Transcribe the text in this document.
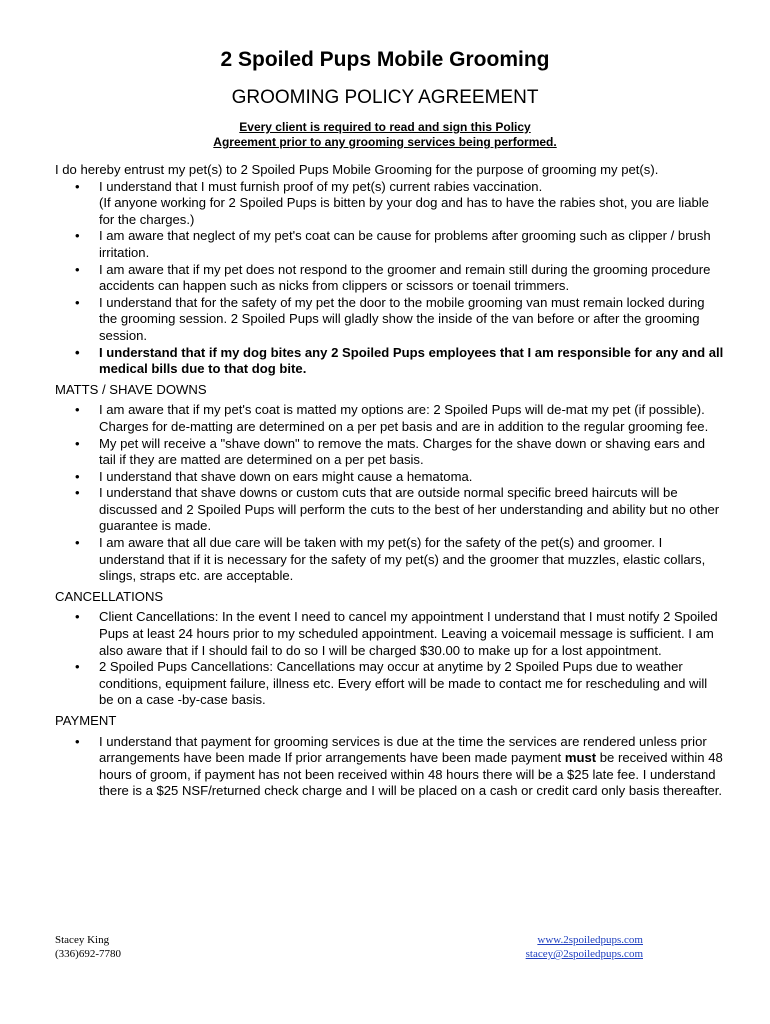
2 Spoiled Pups Mobile Grooming
GROOMING POLICY AGREEMENT
Every client is required to read and sign this Policy
Agreement prior to any grooming services being performed.

I do hereby entrust my pet(s) to 2 Spoiled Pups Mobile Grooming for the purpose of grooming my pet(s).

• I understand that I must furnish proof of my pet(s) current rabies vaccination.
(If anyone working for 2 Spoiled Pups is bitten by your dog and has to have the rabies shot, you are liable for the charges.)
• I am aware that neglect of my pet's coat can be cause for problems after grooming such as clipper / brush irritation.
• I am aware that if my pet does not respond to the groomer and remain still during the grooming procedure accidents can happen such as nicks from clippers or scissors or toenail trimmers.
• I understand that for the safety of my pet the door to the mobile grooming van must remain locked during the grooming session. 2 Spoiled Pups will gladly show the inside of the van before or after the grooming session.
• I understand that if my dog bites any 2 Spoiled Pups employees that I am responsible for any and all medical bills due to that dog bite.

MATTS / SHAVE DOWNS

• I am aware that if my pet's coat is matted my options are: 2 Spoiled Pups will de-mat my pet (if possible). Charges for de-matting are determined on a per pet basis and are in addition to the regular grooming fee.
• My pet will receive a "shave down" to remove the mats. Charges for the shave down or shaving ears and tail if they are matted are determined on a per pet basis.
• I understand that shave down on ears might cause a hematoma.
• I understand that shave downs or custom cuts that are outside normal specific breed haircuts will be discussed and 2 Spoiled Pups will perform the cuts to the best of her understanding and ability but no other guarantee is made.
• I am aware that all due care will be taken with my pet(s) for the safety of the pet(s) and groomer. I understand that if it is necessary for the safety of my pet(s) and the groomer that muzzles, elastic collars, slings, straps etc. are acceptable.

CANCELLATIONS

• Client Cancellations: In the event I need to cancel my appointment I understand that I must notify 2 Spoiled Pups at least 24 hours prior to my scheduled appointment. Leaving a voicemail message is sufficient. I am also aware that if I should fail to do so I will be charged $30.00 to make up for a lost appointment.
• 2 Spoiled Pups Cancellations: Cancellations may occur at anytime by 2 Spoiled Pups due to weather conditions, equipment failure, illness etc. Every effort will be made to contact me for rescheduling and will be on a case -by-case basis.

PAYMENT

• I understand that payment for grooming services is due at the time the services are rendered unless prior arrangements have been made If prior arrangements have been made payment must be received within 48 hours of groom, if payment has not been received within 48 hours there will be a $25 late fee. I understand there is a $25 NSF/returned check charge and I will be placed on a cash or credit card only basis thereafter.
Stacey King
(336)692-7780
www.2spoiledpups.com
stacey@2spoiledpups.com
